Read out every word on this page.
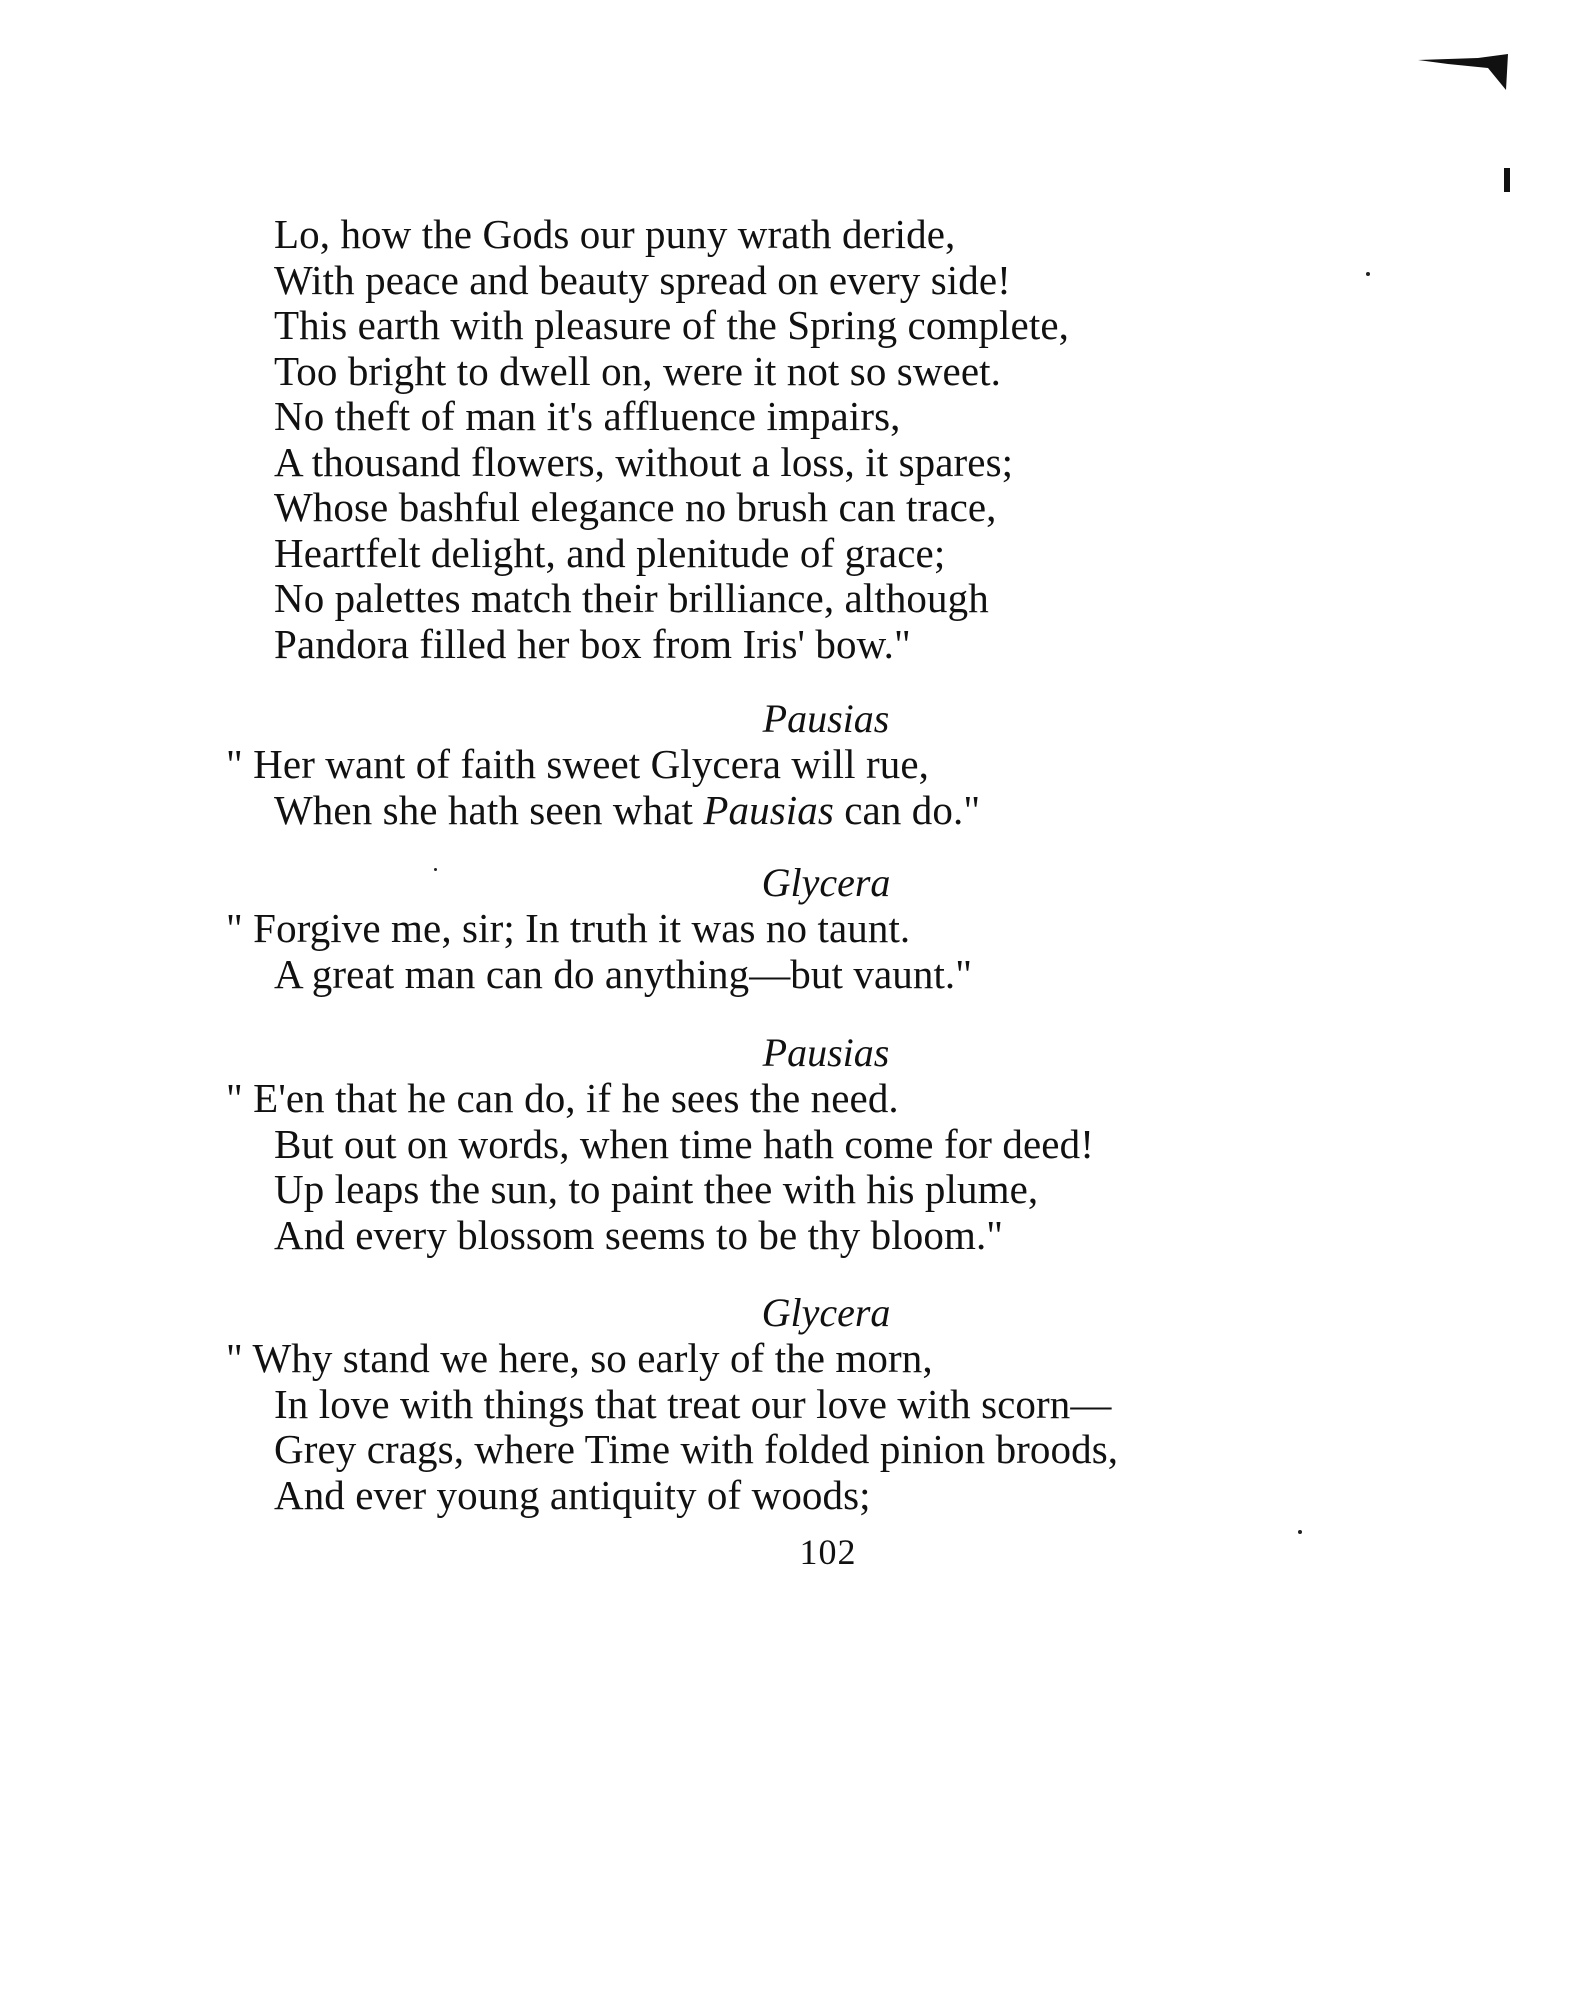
Lo, how the Gods our puny wrath deride,
With peace and beauty spread on every side!
This earth with pleasure of the Spring complete,
Too bright to dwell on, were it not so sweet.
No theft of man it's affluence impairs,
A thousand flowers, without a loss, it spares;
Whose bashful elegance no brush can trace,
Heartfelt delight, and plenitude of grace;
No palettes match their brilliance, although
Pandora filled her box from Iris' bow."
Pausias
" Her want of faith sweet Glycera will rue,
When she hath seen what Pausias can do."
Glycera
" Forgive me, sir; In truth it was no taunt.
A great man can do anything—but vaunt."
Pausias
" E'en that he can do, if he sees the need.
But out on words, when time hath come for deed!
Up leaps the sun, to paint thee with his plume,
And every blossom seems to be thy bloom."
Glycera
" Why stand we here, so early of the morn,
In love with things that treat our love with scorn—
Grey crags, where Time with folded pinion broods,
And ever young antiquity of woods;
102
